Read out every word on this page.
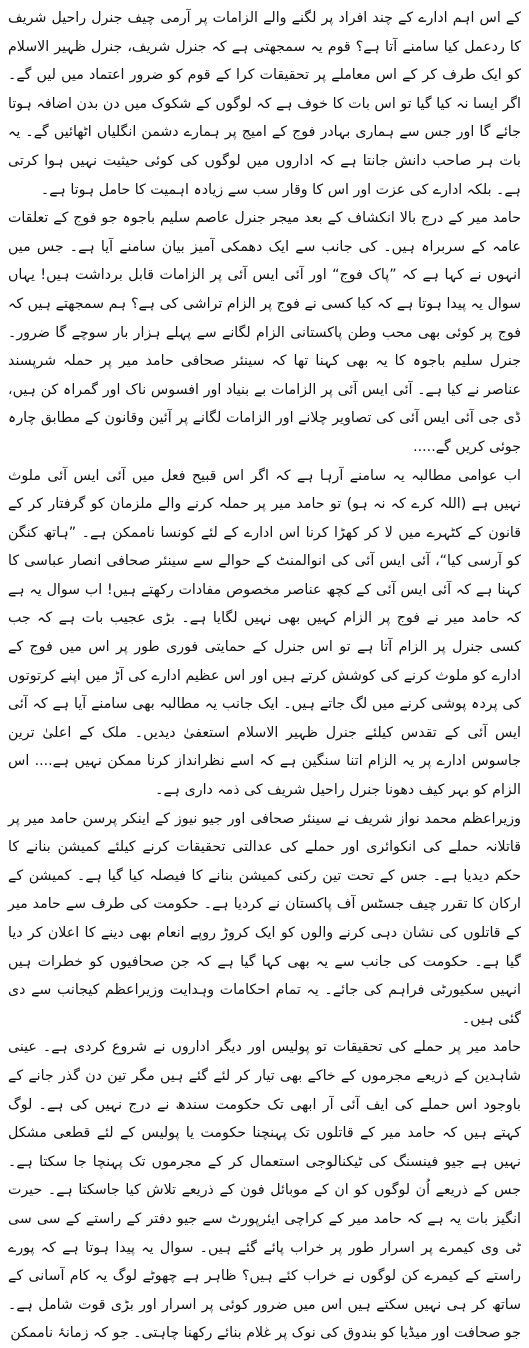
کے اس اہم ادارے کے چند افراد پر لگنے والے الزامات پر آرمی چیف جنرل راحیل شریف کا ردعمل کیا سامنے آتا ہے؟ قوم یہ سمجھتی ہے کہ جنرل شریف، جنرل ظہیر الاسلام کو ایک طرف کر کے اس معاملے پر تحقیقات کرا کے قوم کو ضرور اعتماد میں لیں گے۔ اگر ایسا نہ کیا گیا تو اس بات کا خوف ہے کہ لوگوں کے شکوک میں دن بدن اضافہ ہوتا جائے گا اور جس سے ہماری بہادر فوج کے امیج پر ہمارے دشمن انگلیاں اٹھائیں گے۔ یہ بات ہر صاحب دانش جانتا ہے کہ اداروں میں لوگوں کی کوئی حیثیت نہیں ہوا کرتی ہے۔ بلکہ ادارے کی عزت اور اس کا وقار سب سے زیادہ اہمیت کا حامل ہوتا ہے۔

حامد میر کے درج بالا انکشاف کے بعد میجر جنرل عاصم سلیم باجوہ جو فوج کے تعلقات عامہ کے سربراہ ہیں۔ کی جانب سے ایک دھمکی آمیز بیان سامنے آیا ہے۔ جس میں انہوں نے کہا ہے کہ ”پاک فوج“ اور آئی ایس آئی پر الزامات قابل برداشت ہیں! یہاں سوال یہ پیدا ہوتا ہے کہ کیا کسی نے فوج پر الزام تراشی کی ہے؟ ہم سمجھتے ہیں کہ فوج پر کوئی بھی محب وطن پاکستانی الزام لگانے سے پہلے ہزار بار سوچے گا ضرور۔ جنرل سلیم باجوہ کا یہ بھی کہنا تھا کہ سینئر صحافی حامد میر پر حملہ شرپسند عناصر نے کیا ہے۔ آئی ایس آئی پر الزامات بے بنیاد اور افسوس ناک اور گمراہ کن ہیں، ڈی جی آئی ایس آئی کی تصاویر چلانے اور الزامات لگانے پر آئین وقانون کے مطابق چارہ جوئی کریں گے.....

اب عوامی مطالبہ یہ سامنے آرہا ہے کہ اگر اس قبیح فعل میں آئی ایس آئی ملوث نہیں ہے (اللہ کرے کہ نہ ہو) تو حامد میر پر حملہ کرنے والے ملزمان کو گرفتار کر کے قانون کے کٹہرے میں لا کر کھڑا کرنا اس ادارے کے لئے کونسا ناممکن ہے۔ ”ہاتھ کنگن کو آرسی کیا“، آئی ایس آئی کی انوالمنٹ کے حوالے سے سینئر صحافی انصار عباسی کا کہنا ہے کہ آئی ایس آئی کے کچھ عناصر مخصوص مفادات رکھتے ہیں! اب سوال یہ ہے کہ حامد میر نے فوج پر الزام کہیں بھی نہیں لگایا ہے۔ بڑی عجیب بات ہے کہ جب کسی جنرل پر الزام آتا ہے تو اس جنرل کے حمایتی فوری طور پر اس میں فوج کے ادارے کو ملوث کرنے کی کوشش کرتے ہیں اور اس عظیم ادارے کی آڑ میں اپنے کرتوتوں کی پردہ پوشی کرنے میں لگ جاتے ہیں۔ ایک جانب یہ مطالبہ بھی سامنے آیا ہے کہ آئی ایس آئی کے تقدس کیلئے جنرل ظہیر الاسلام استعفیٰ دیدیں۔ ملک کے اعلیٰ ترین جاسوس ادارے پر یہ الزام اتنا سنگین ہے کہ اسے نظرانداز کرنا ممکن نہیں ہے.... اس الزام کو بہر کیف دھونا جنرل راحیل شریف کی ذمہ داری ہے۔

وزیراعظم محمد نواز شریف نے سینئر صحافی اور جیو نیوز کے اینکر پرسن حامد میر پر قاتلانہ حملے کی انکوائری اور حملے کی عدالتی تحقیقات کرنے کیلئے کمیشن بنانے کا حکم دیدیا ہے۔ جس کے تحت تین رکنی کمیشن بنانے کا فیصلہ کیا گیا ہے۔ کمیشن کے ارکان کا تقرر چیف جسٹس آف پاکستان نے کردیا ہے۔ حکومت کی طرف سے حامد میر کے قاتلوں کی نشان دہی کرنے والوں کو ایک کروڑ روپے انعام بھی دینے کا اعلان کر دیا گیا ہے۔ حکومت کی جانب سے یہ بھی کہا گیا ہے کہ جن صحافیوں کو خطرات ہیں انہیں سکیورٹی فراہم کی جائے۔ یہ تمام احکامات وہدایت وزیراعظم کیجانب سے دی گئی ہیں۔

حامد میر پر حملے کی تحقیقات تو پولیس اور دیگر اداروں نے شروع کردی ہے۔ عینی شاہدین کے ذریعے مجرموں کے خاکے بھی تیار کر لئے گئے ہیں مگر تین دن گذر جانے کے باوجود اس حملے کی ایف آئی آر ابھی تک حکومت سندھ نے درج نہیں کی ہے۔ لوگ کہتے ہیں کہ حامد میر کے قاتلوں تک پہنچنا حکومت یا پولیس کے لئے قطعی مشکل نہیں ہے جیو فینسنگ کی ٹیکنالوجی استعمال کر کے مجرموں تک پہنچا جا سکتا ہے۔ جس کے ذریعے اُن لوگوں کو ان کے موبائل فون کے ذریعے تلاش کیا جاسکتا ہے۔ حیرت انگیز بات یہ ہے کہ حامد میر کے کراچی ایئرپورٹ سے جیو دفتر کے راستے کے سی سی ٹی وی کیمرے پر اسرار طور پر خراب پائے گئے ہیں۔ سوال یہ پیدا ہوتا ہے کہ پورے راستے کے کیمرے کن لوگوں نے خراب کئے ہیں؟ ظاہر ہے چھوٹے لوگ یہ کام آسانی کے ساتھ کر ہی نہیں سکتے ہیں اس میں ضرور کوئی پر اسرار اور بڑی قوت شامل ہے۔ جو صحافت اور میڈیا کو بندوق کی نوک پر غلام بنائے رکھنا چاہتی۔ جو کہ زمانۂ ناممکن
